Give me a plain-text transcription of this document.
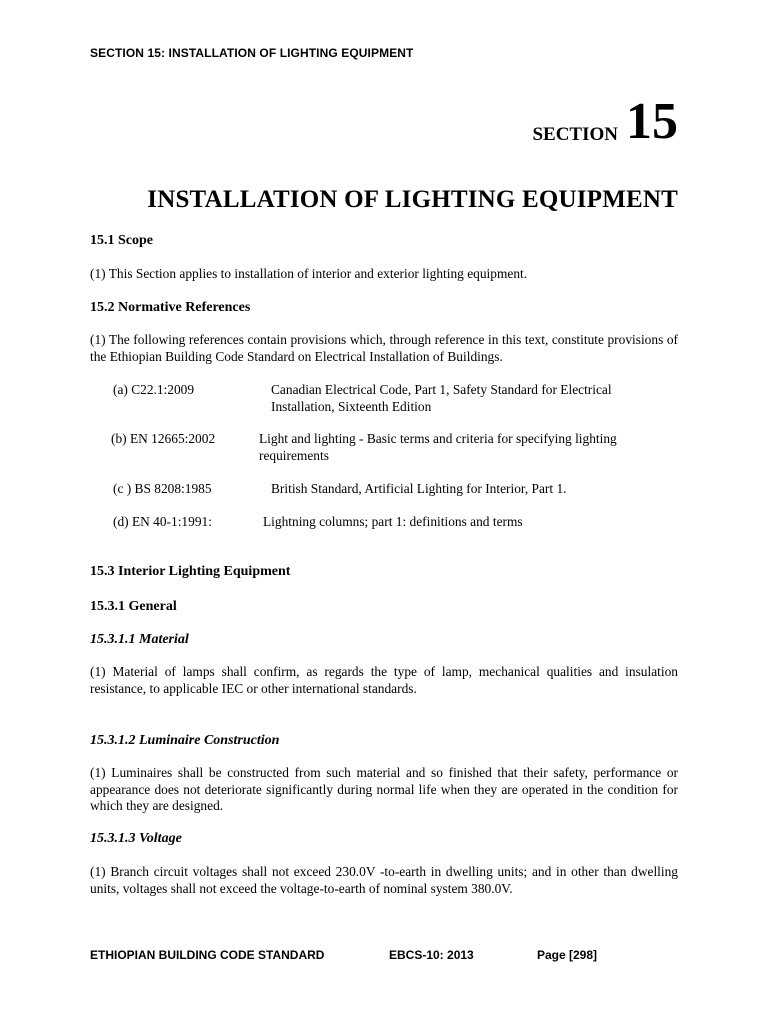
SECTION 15: INSTALLATION OF LIGHTING EQUIPMENT
SECTION 15
INSTALLATION OF LIGHTING EQUIPMENT
15.1 Scope
(1) This Section applies to installation of interior and exterior lighting equipment.
15.2 Normative References
(1) The following references contain provisions which, through reference in this text, constitute provisions of the Ethiopian Building Code Standard on Electrical Installation of Buildings.
(a) C22.1:2009	Canadian Electrical Code, Part 1, Safety Standard for Electrical Installation, Sixteenth Edition
(b) EN 12665:2002	Light and lighting - Basic terms and criteria for specifying lighting requirements
(c ) BS 8208:1985	British Standard, Artificial Lighting for Interior, Part 1.
(d) EN 40-1:1991:	Lightning columns; part 1: definitions and terms
15.3 Interior Lighting Equipment
15.3.1 General
15.3.1.1 Material
(1) Material of lamps shall confirm, as regards the type of lamp, mechanical qualities and insulation resistance, to applicable IEC or other international standards.
15.3.1.2 Luminaire Construction
(1) Luminaires shall be constructed from such material and so finished that their safety, performance or appearance does not deteriorate significantly during normal life when they are operated in the condition for which they are designed.
15.3.1.3 Voltage
(1) Branch circuit voltages shall not exceed 230.0V -to-earth in dwelling units; and in other than dwelling units, voltages shall not exceed the voltage-to-earth of nominal system 380.0V.
ETHIOPIAN BUILDING CODE STANDARD	EBCS-10: 2013	Page [298]
